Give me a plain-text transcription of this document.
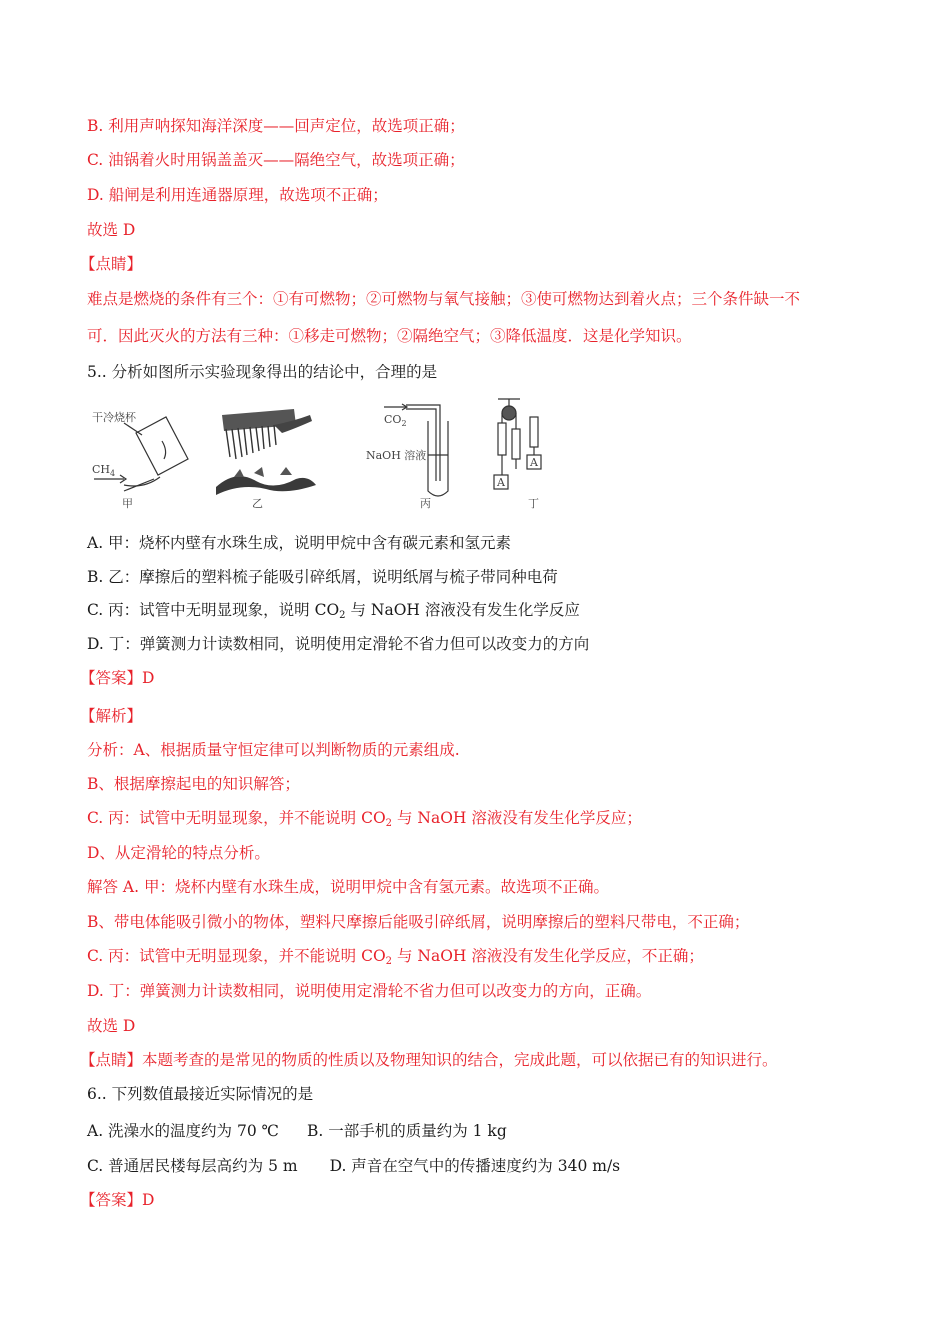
B. 利用声呐探知海洋深度——回声定位，故选项正确；
C. 油锅着火时用锅盖盖灭——隔绝空气，故选项正确；
D. 船闸是利用连通器原理，故选项不正确；
故选 D
【点睛】
难点是燃烧的条件有三个：①有可燃物；②可燃物与氧气接触；③使可燃物达到着火点；三个条件缺一不
可．因此灭火的方法有三种：①移走可燃物；②隔绝空气；③降低温度．这是化学知识。
5.. 分析如图所示实验现象得出的结论中，合理的是
干冷烧杯
$CH_4$
甲	乙
$CO_2$
NaOH 溶液
丙
A
A
丁
A. 甲：烧杯内壁有水珠生成，说明甲烷中含有碳元素和氢元素
B. 乙：摩擦后的塑料梳子能吸引碎纸屑，说明纸屑与梳子带同种电荷
C. 丙：试管中无明显现象，说明 $CO_2$ 与 NaOH 溶液没有发生化学反应
D. 丁：弹簧测力计读数相同，说明使用定滑轮不省力但可以改变力的方向
【答案】D
【解析】
分析：A、根据质量守恒定律可以判断物质的元素组成.
B、根据摩擦起电的知识解答；
C. 丙：试管中无明显现象，并不能说明 $CO_2$ 与 NaOH 溶液没有发生化学反应；
D、从定滑轮的特点分析。
解答 A. 甲：烧杯内壁有水珠生成，说明甲烷中含有氢元素。故选项不正确。
B、带电体能吸引微小的物体，塑料尺摩擦后能吸引碎纸屑，说明摩擦后的塑料尺带电，不正确；
C. 丙：试管中无明显现象，并不能说明 $CO_2$ 与 NaOH 溶液没有发生化学反应，不正确；
D. 丁：弹簧测力计读数相同，说明使用定滑轮不省力但可以改变力的方向，正确。
故选 D
【点睛】本题考查的是常见的物质的性质以及物理知识的结合，完成此题，可以依据已有的知识进行。
6.. 下列数值最接近实际情况的是
A. 洗澡水的温度约为 70 ℃ B. 一部手机的质量约为 1 kg
C. 普通居民楼每层高约为 5 m D. 声音在空气中的传播速度约为 340 m/s
【答案】D
